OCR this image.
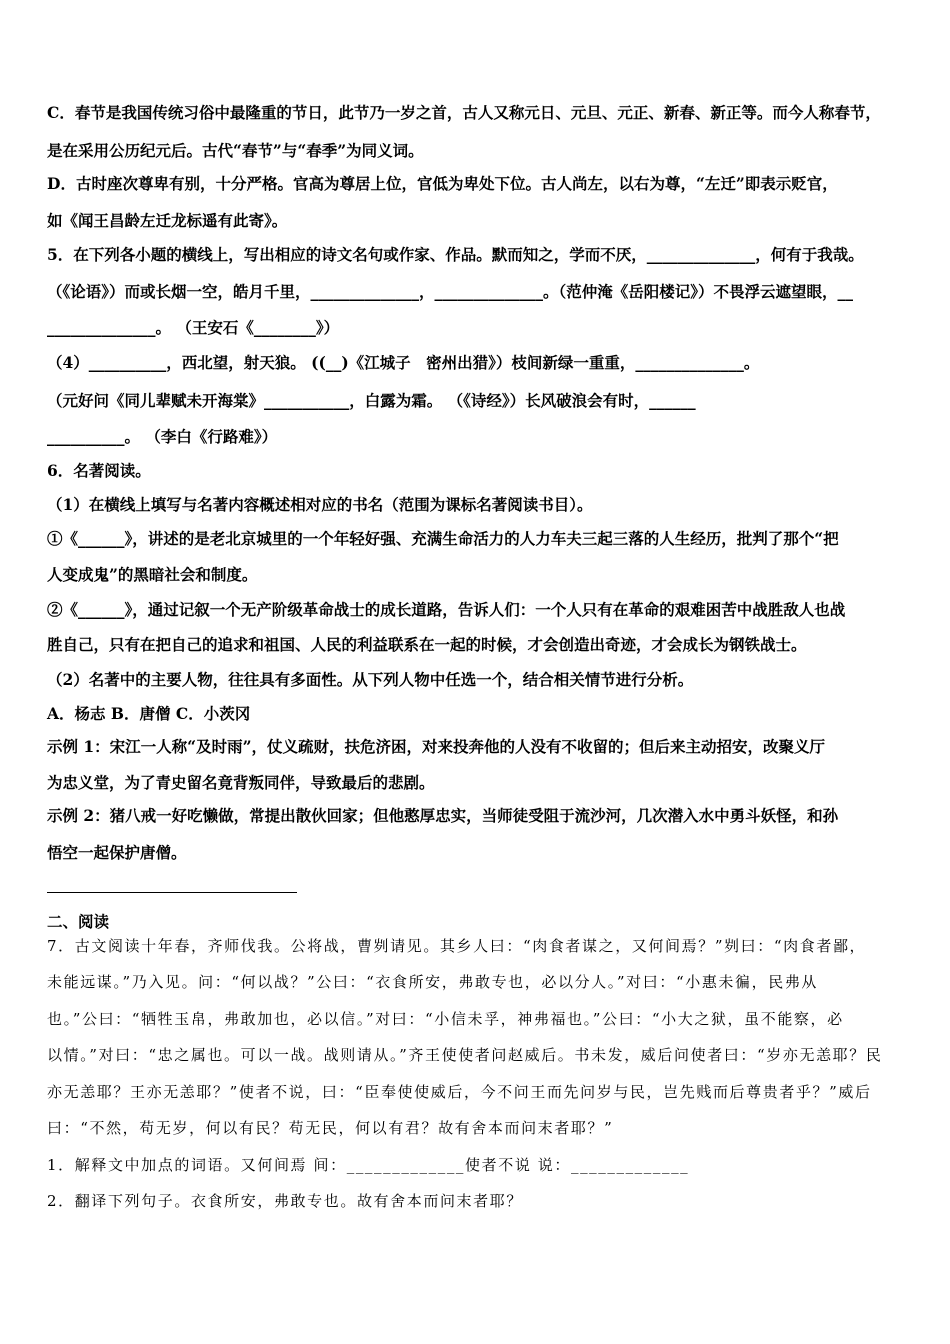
C．春节是我国传统习俗中最隆重的节日，此节乃一岁之首，古人又称元日、元旦、元正、新春、新正等。而今人称春节，
是在采用公历纪元后。古代“春节”与“春季”为同义词。
D．古时座次尊卑有别，十分严格。官高为尊居上位，官低为卑处下位。古人尚左，以右为尊，“左迁”即表示贬官，
如《闻王昌龄左迁龙标遥有此寄》。
5．在下列各小题的横线上，写出相应的诗文名句或作家、作品。默而知之，学而不厌，______________，何有于我哉。
（《论语》）而或长烟一空，皓月千里，______________，______________。（范仲淹《岳阳楼记》）不畏浮云遮望眼，__
______________。 （王安石《________》）
（4）__________，西北望，射天狼。 ((__)《江城子　密州出猎》）枝间新绿一重重，______________。
（元好问《同儿辈赋未开海棠》___________，白露为霜。 （《诗经》）长风破浪会有时，______
__________。 （李白《行路难》）
6．名著阅读。
（1）在横线上填写与名著内容概述相对应的书名（范围为课标名著阅读书目）。
①《______》，讲述的是老北京城里的一个年轻好强、充满生命活力的人力车夫三起三落的人生经历，批判了那个“把
人变成鬼”的黑暗社会和制度。
②《______》，通过记叙一个无产阶级革命战士的成长道路，告诉人们：一个人只有在革命的艰难困苦中战胜敌人也战
胜自己，只有在把自己的追求和祖国、人民的利益联系在一起的时候，才会创造出奇迹，才会成长为钢铁战士。
（2）名著中的主要人物，往往具有多面性。从下列人物中任选一个，结合相关情节进行分析。
A．杨志 B．唐僧 C．小茨冈
示例 1：宋江一人称“及时雨”，仗义疏财，扶危济困，对来投奔他的人没有不收留的；但后来主动招安，改聚义厅
为忠义堂，为了青史留名竟背叛同伴，导致最后的悲剧。
示例 2：猪八戒一好吃懒做，常提出散伙回家；但他憨厚忠实，当师徒受阻于流沙河，几次潜入水中勇斗妖怪，和孙
悟空一起保护唐僧。
二、阅读
7．古文阅读十年春，齐师伐我。公将战，曹刿请见。其乡人曰：“肉食者谋之，又何间焉？”刿曰：“肉食者鄙，
未能远谋。”乃入见。问：“何以战？”公曰：“衣食所安，弗敢专也，必以分人。”对曰：“小惠未徧，民弗从
也。”公曰：“牺牲玉帛，弗敢加也，必以信。”对曰：“小信未孚，神弗福也。”公曰：“小大之狱，虽不能察，必
以情。”对曰：“忠之属也。可以一战。战则请从。”齐王使使者问赵威后。书未发，威后问使者曰：“岁亦无恙耶？民
亦无恙耶？王亦无恙耶？”使者不说，曰：“臣奉使使威后，今不问王而先问岁与民，岂先贱而后尊贵者乎？”威后
曰：“不然，苟无岁，何以有民？苟无民，何以有君？故有舍本而问末者耶？”
1．解释文中加点的词语。又何间焉 间：_____________使者不说 说：_____________
2．翻译下列句子。衣食所安，弗敢专也。故有舍本而问末者耶？
